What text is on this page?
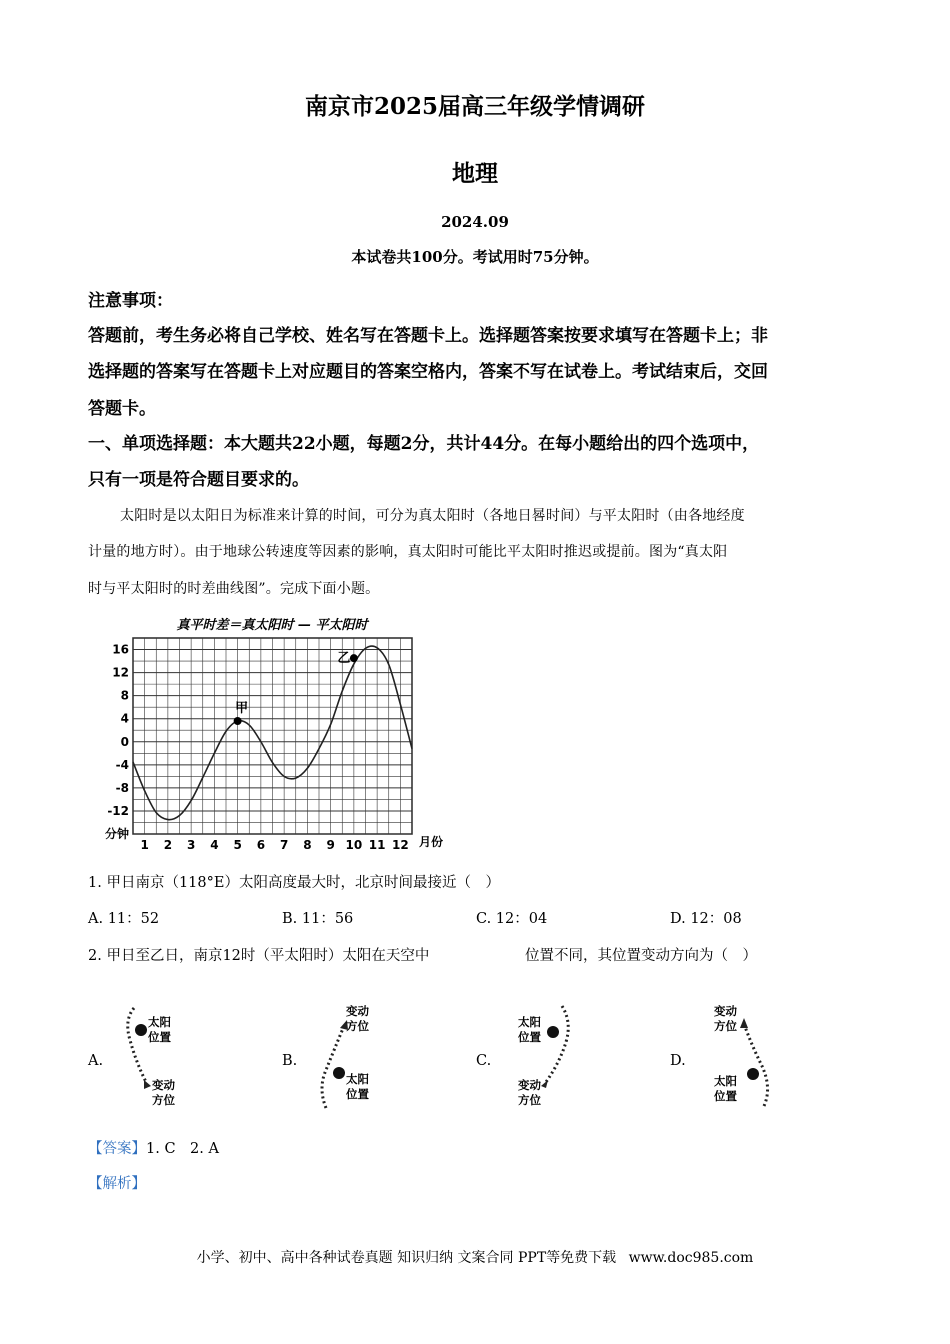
南京市2025届高三年级学情调研
地理
2024.09
本试卷共100分。考试用时75分钟。
注意事项：
答题前，考生务必将自己学校、姓名写在答题卡上。选择题答案按要求填写在答题卡上；非
选择题的答案写在答题卡上对应题目的答案空格内，答案不写在试卷上。考试结束后，交回
答题卡。
一、单项选择题：本大题共22小题，每题2分，共计44分。在每小题给出的四个选项中，
只有一项是符合题目要求的。
太阳时是以太阳日为标准来计算的时间，可分为真太阳时（各地日晷时间）与平太阳时（由各地经度
计量的地方时）。由于地球公转速度等因素的影响，真太阳时可能比平太阳时推迟或提前。图为“真太阳
时与平太阳时的时差曲线图”。完成下面小题。
真平时差＝真太阳时 — 平太阳时
16
12
8
4
0
-4
-8
-12
1 2 3 4 5 6 7 8 9 10 11 12
甲
乙
分钟
月份
1. 甲日南京（118°E）太阳高度最大时，北京时间最接近（　）
A. 11：52	B. 11：56	C. 12：04	D. 12：08
2. 甲日至乙日，南京12时（平太阳时）太阳在天空中	位置不同，其位置变动方向为（　）
A.
太阳
位置
变动
方位
B.
变动
方位
太阳
位置
C.
太阳
位置
变动
方位
D.
变动
方位
太阳
位置
【答案】1. C　2. A
【解析】
小学、初中、高中各种试卷真题 知识归纳 文案合同 PPT等免费下载 www.doc985.com
